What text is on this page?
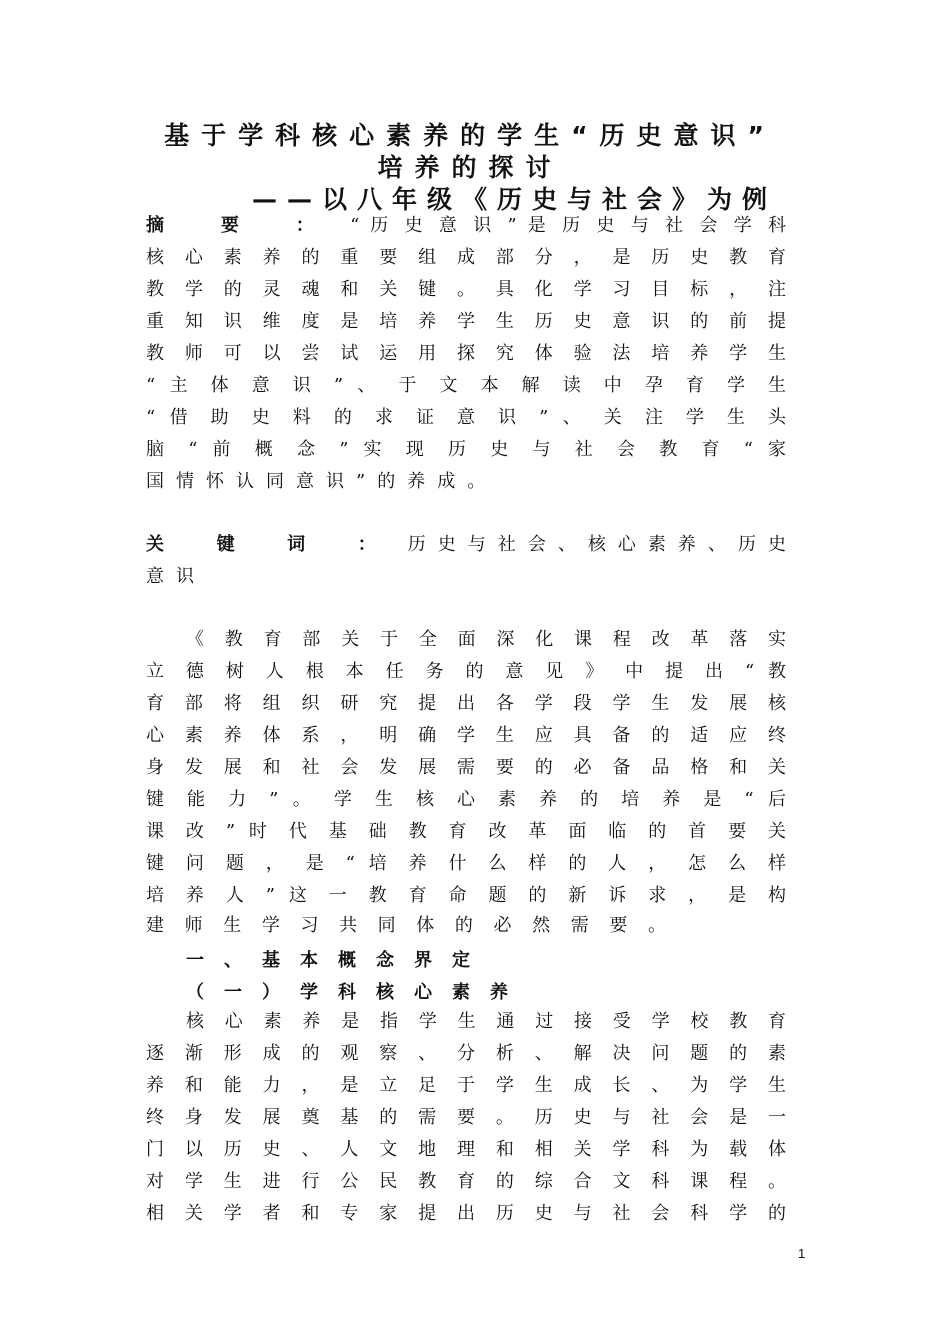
基于学科核心素养的学生“历史意识”
培养的探讨
——以八年级《历史与社会》为例
摘 要 ： “ 历 史 意 识 ” 是 历 史 与 社 会 学 科
核 心 素 养 的 重 要 组 成 部 分 ， 是 历 史 教 育
教 学 的 灵 魂 和 关 键 。 具 化 学 习 目 标 ， 注
重 知 识 维 度 是 培 养 学 生 历 史 意 识 的 前 提
教 师 可 以 尝 试 运 用 探 究 体 验 法 培 养 学 生
“ 主 体 意 识 ” 、 于 文 本 解 读 中 孕 育 学 生
“ 借 助 史 料 的 求 证 意 识 ” 、 关 注 学 生 头
脑 “ 前 概 念 ” 实 现 历 史 与 社 会 教 育 “ 家
国情怀认同意识”的养成。
关 键 词 ： 历 史 与 社 会 、 核 心 素 养 、 历 史
意识
《 教 育 部 关 于 全 面 深 化 课 程 改 革 落 实
立 德 树 人 根 本 任 务 的 意 见 》 中 提 出 “ 教
育 部 将 组 织 研 究 提 出 各 学 段 学 生 发 展 核
心 素 养 体 系 ， 明 确 学 生 应 具 备 的 适 应 终
身 发 展 和 社 会 发 展 需 要 的 必 备 品 格 和 关
键 能 力 ” 。 学 生 核 心 素 养 的 培 养 是 “ 后
课 改 ” 时 代 基 础 教 育 改 革 面 临 的 首 要 关
键 问 题 ， 是 “ 培 养 什 么 样 的 人 ， 怎 么 样
培 养 人 ” 这 一 教 育 命 题 的 新 诉 求 ， 是 构
建 师 生 学 习 共 同 体 的 必 然 需 要 。
一、基本概念界定
（一）学科核心素养
核 心 素 养 是 指 学 生 通 过 接 受 学 校 教 育
逐 渐 形 成 的 观 察 、 分 析 、 解 决 问 题 的 素
养 和 能 力 ， 是 立 足 于 学 生 成 长 、 为 学 生
终 身 发 展 奠 基 的 需 要 。 历 史 与 社 会 是 一
门 以 历 史 、 人 文 地 理 和 相 关 学 科 为 载 体
对 学 生 进 行 公 民 教 育 的 综 合 文 科 课 程 。
相 关 学 者 和 专 家 提 出 历 史 与 社 会 科 学 的
1
